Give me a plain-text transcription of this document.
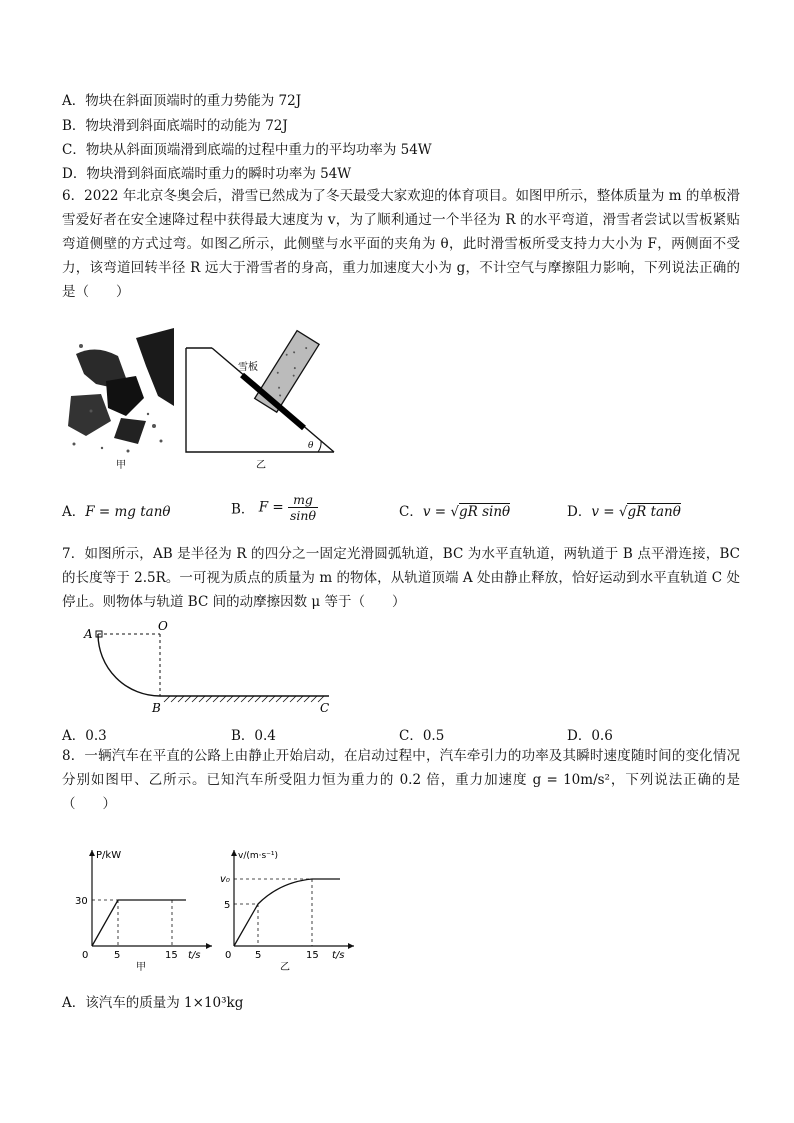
A．物块在斜面顶端时的重力势能为 72J
B．物块滑到斜面底端时的动能为 72J
C．物块从斜面顶端滑到底端的过程中重力的平均功率为 54W
D．物块滑到斜面底端时重力的瞬时功率为 54W
6．2022 年北京冬奥会后，滑雪已然成为了冬天最受大家欢迎的体育项目。如图甲所示，整体质量为 m 的单板滑雪爱好者在安全速降过程中获得最大速度为 v，为了顺利通过一个半径为 R 的水平弯道，滑雪者尝试以雪板紧贴弯道侧壁的方式过弯。如图乙所示，此侧壁与水平面的夹角为 θ，此时滑雪板所受支持力大小为 F，两侧面不受力，该弯道回转半径 R 远大于滑雪者的身高，重力加速度大小为 g，不计空气与摩擦阻力影响，下列说法正确的是（　　）
甲
雪板
θ
乙
A．F = mg tanθ	B． $F = \frac{mg}{\sin\theta}$	C．v = √gR sinθ	D．v = √gR tanθ
7．如图所示，AB 是半径为 R 的四分之一固定光滑圆弧轨道，BC 为水平直轨道，两轨道于 B 点平滑连接，BC 的长度等于 2.5R。一可视为质点的质量为 m 的物体，从轨道顶端 A 处由静止释放，恰好运动到水平直轨道 C 处停止。则物体与轨道 BC 间的动摩擦因数 μ 等于（　　）
A
O
B	C
A．0.3	B．0.4	C．0.5	D．0.6
8．一辆汽车在平直的公路上由静止开始启动，在启动过程中，汽车牵引力的功率及其瞬时速度随时间的变化情况分别如图甲、乙所示。已知汽车所受阻力恒为重力的 0.2 倍，重力加速度 g = 10m/s²，下列说法正确的是（　　）
P/kW
30
0	5	15 t/s
甲
v/(m·s⁻¹)
v₀
5
0 5	15 t/s
乙
A．该汽车的质量为 1×10³kg
